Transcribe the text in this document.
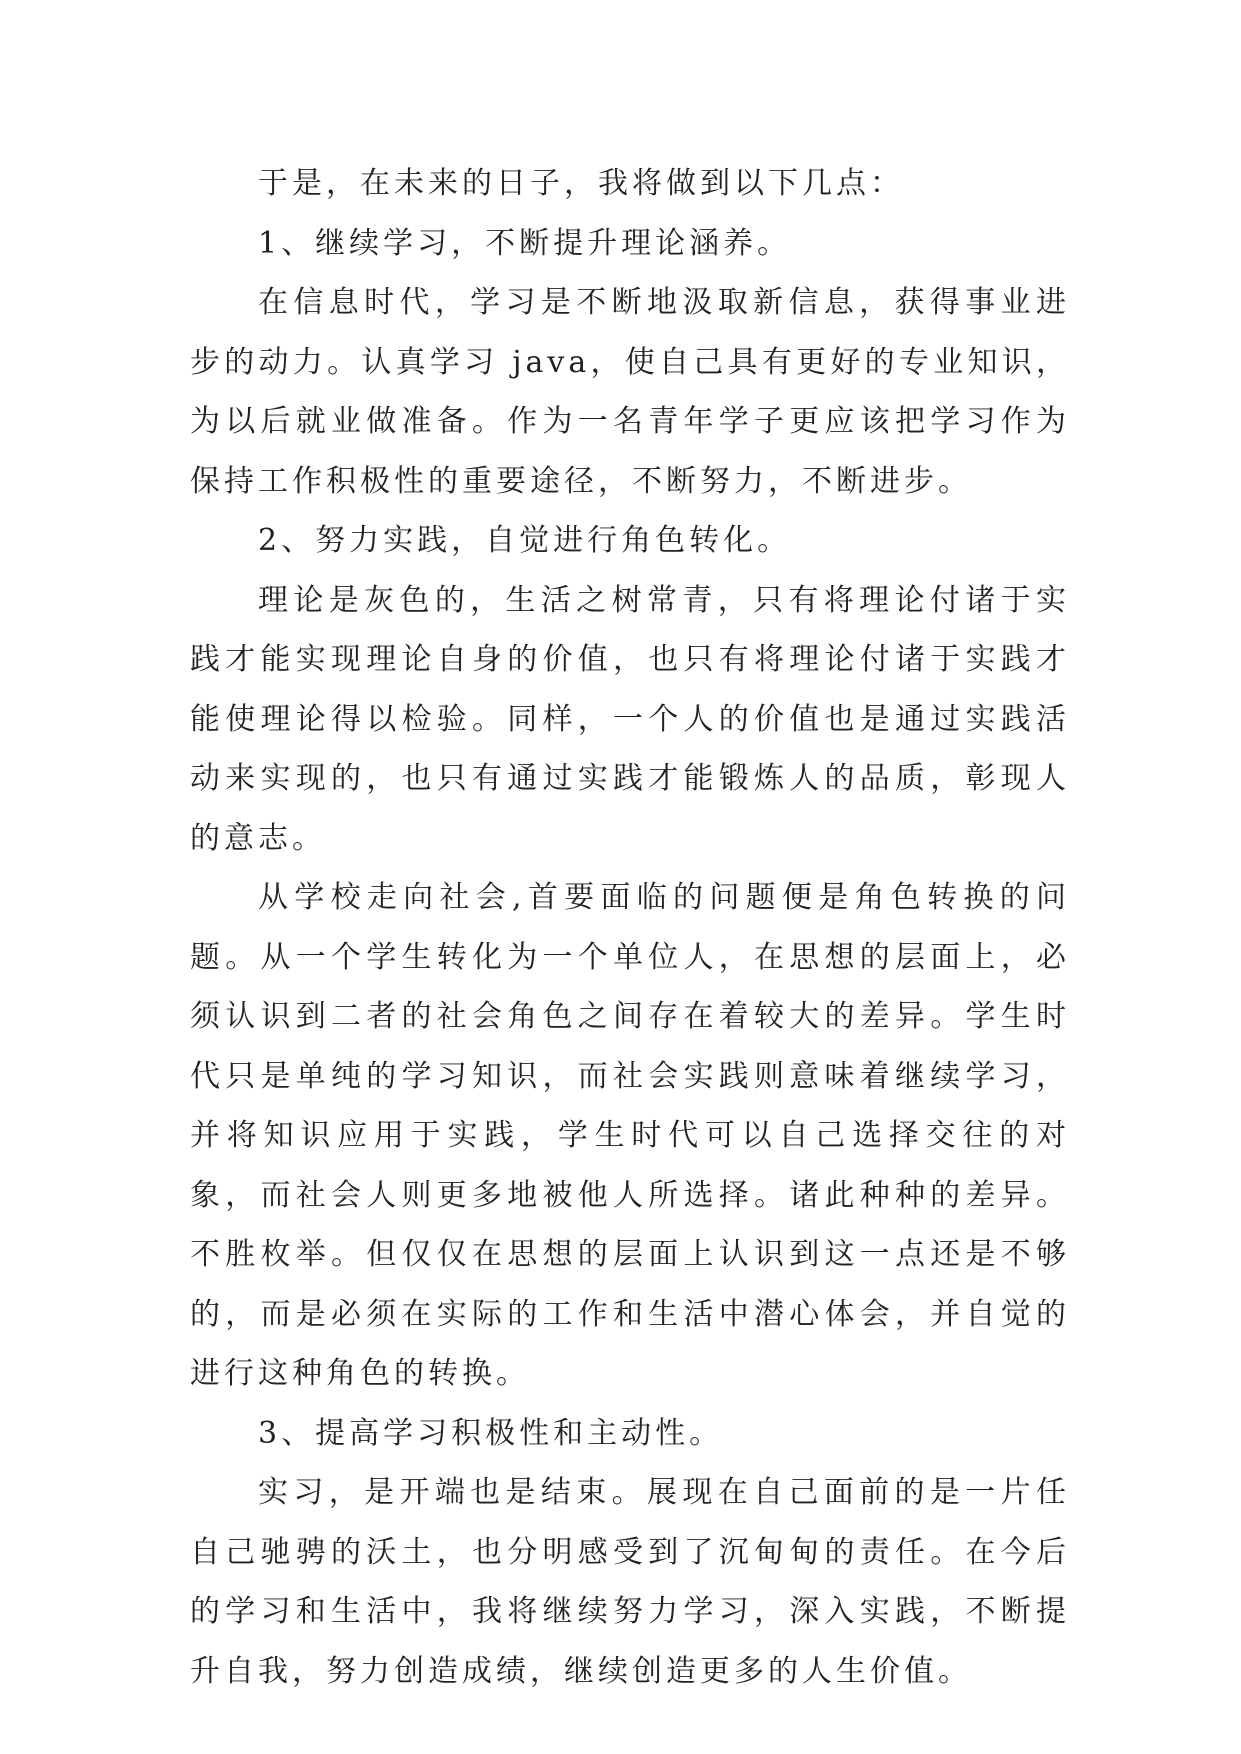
于是，在未来的日子，我将做到以下几点：

1、继续学习，不断提升理论涵养。

在信息时代，学习是不断地汲取新信息，获得事业进步的动力。认真学习 java，使自己具有更好的专业知识，为以后就业做准备。作为一名青年学子更应该把学习作为保持工作积极性的重要途径，不断努力，不断进步。

2、努力实践，自觉进行角色转化。

理论是灰色的，生活之树常青，只有将理论付诸于实践才能实现理论自身的价值，也只有将理论付诸于实践才能使理论得以检验。同样，一个人的价值也是通过实践活动来实现的，也只有通过实践才能锻炼人的品质，彰现人的意志。

从学校走向社会,首要面临的问题便是角色转换的问题。从一个学生转化为一个单位人，在思想的层面上，必须认识到二者的社会角色之间存在着较大的差异。学生时代只是单纯的学习知识，而社会实践则意味着继续学习，并将知识应用于实践，学生时代可以自己选择交往的对象，而社会人则更多地被他人所选择。诸此种种的差异。不胜枚举。但仅仅在思想的层面上认识到这一点还是不够的，而是必须在实际的工作和生活中潜心体会，并自觉的进行这种角色的转换。

3、提高学习积极性和主动性。

实习，是开端也是结束。展现在自己面前的是一片任自己驰骋的沃土，也分明感受到了沉甸甸的责任。在今后的学习和生活中，我将继续努力学习，深入实践，不断提升自我，努力创造成绩，继续创造更多的人生价值。
